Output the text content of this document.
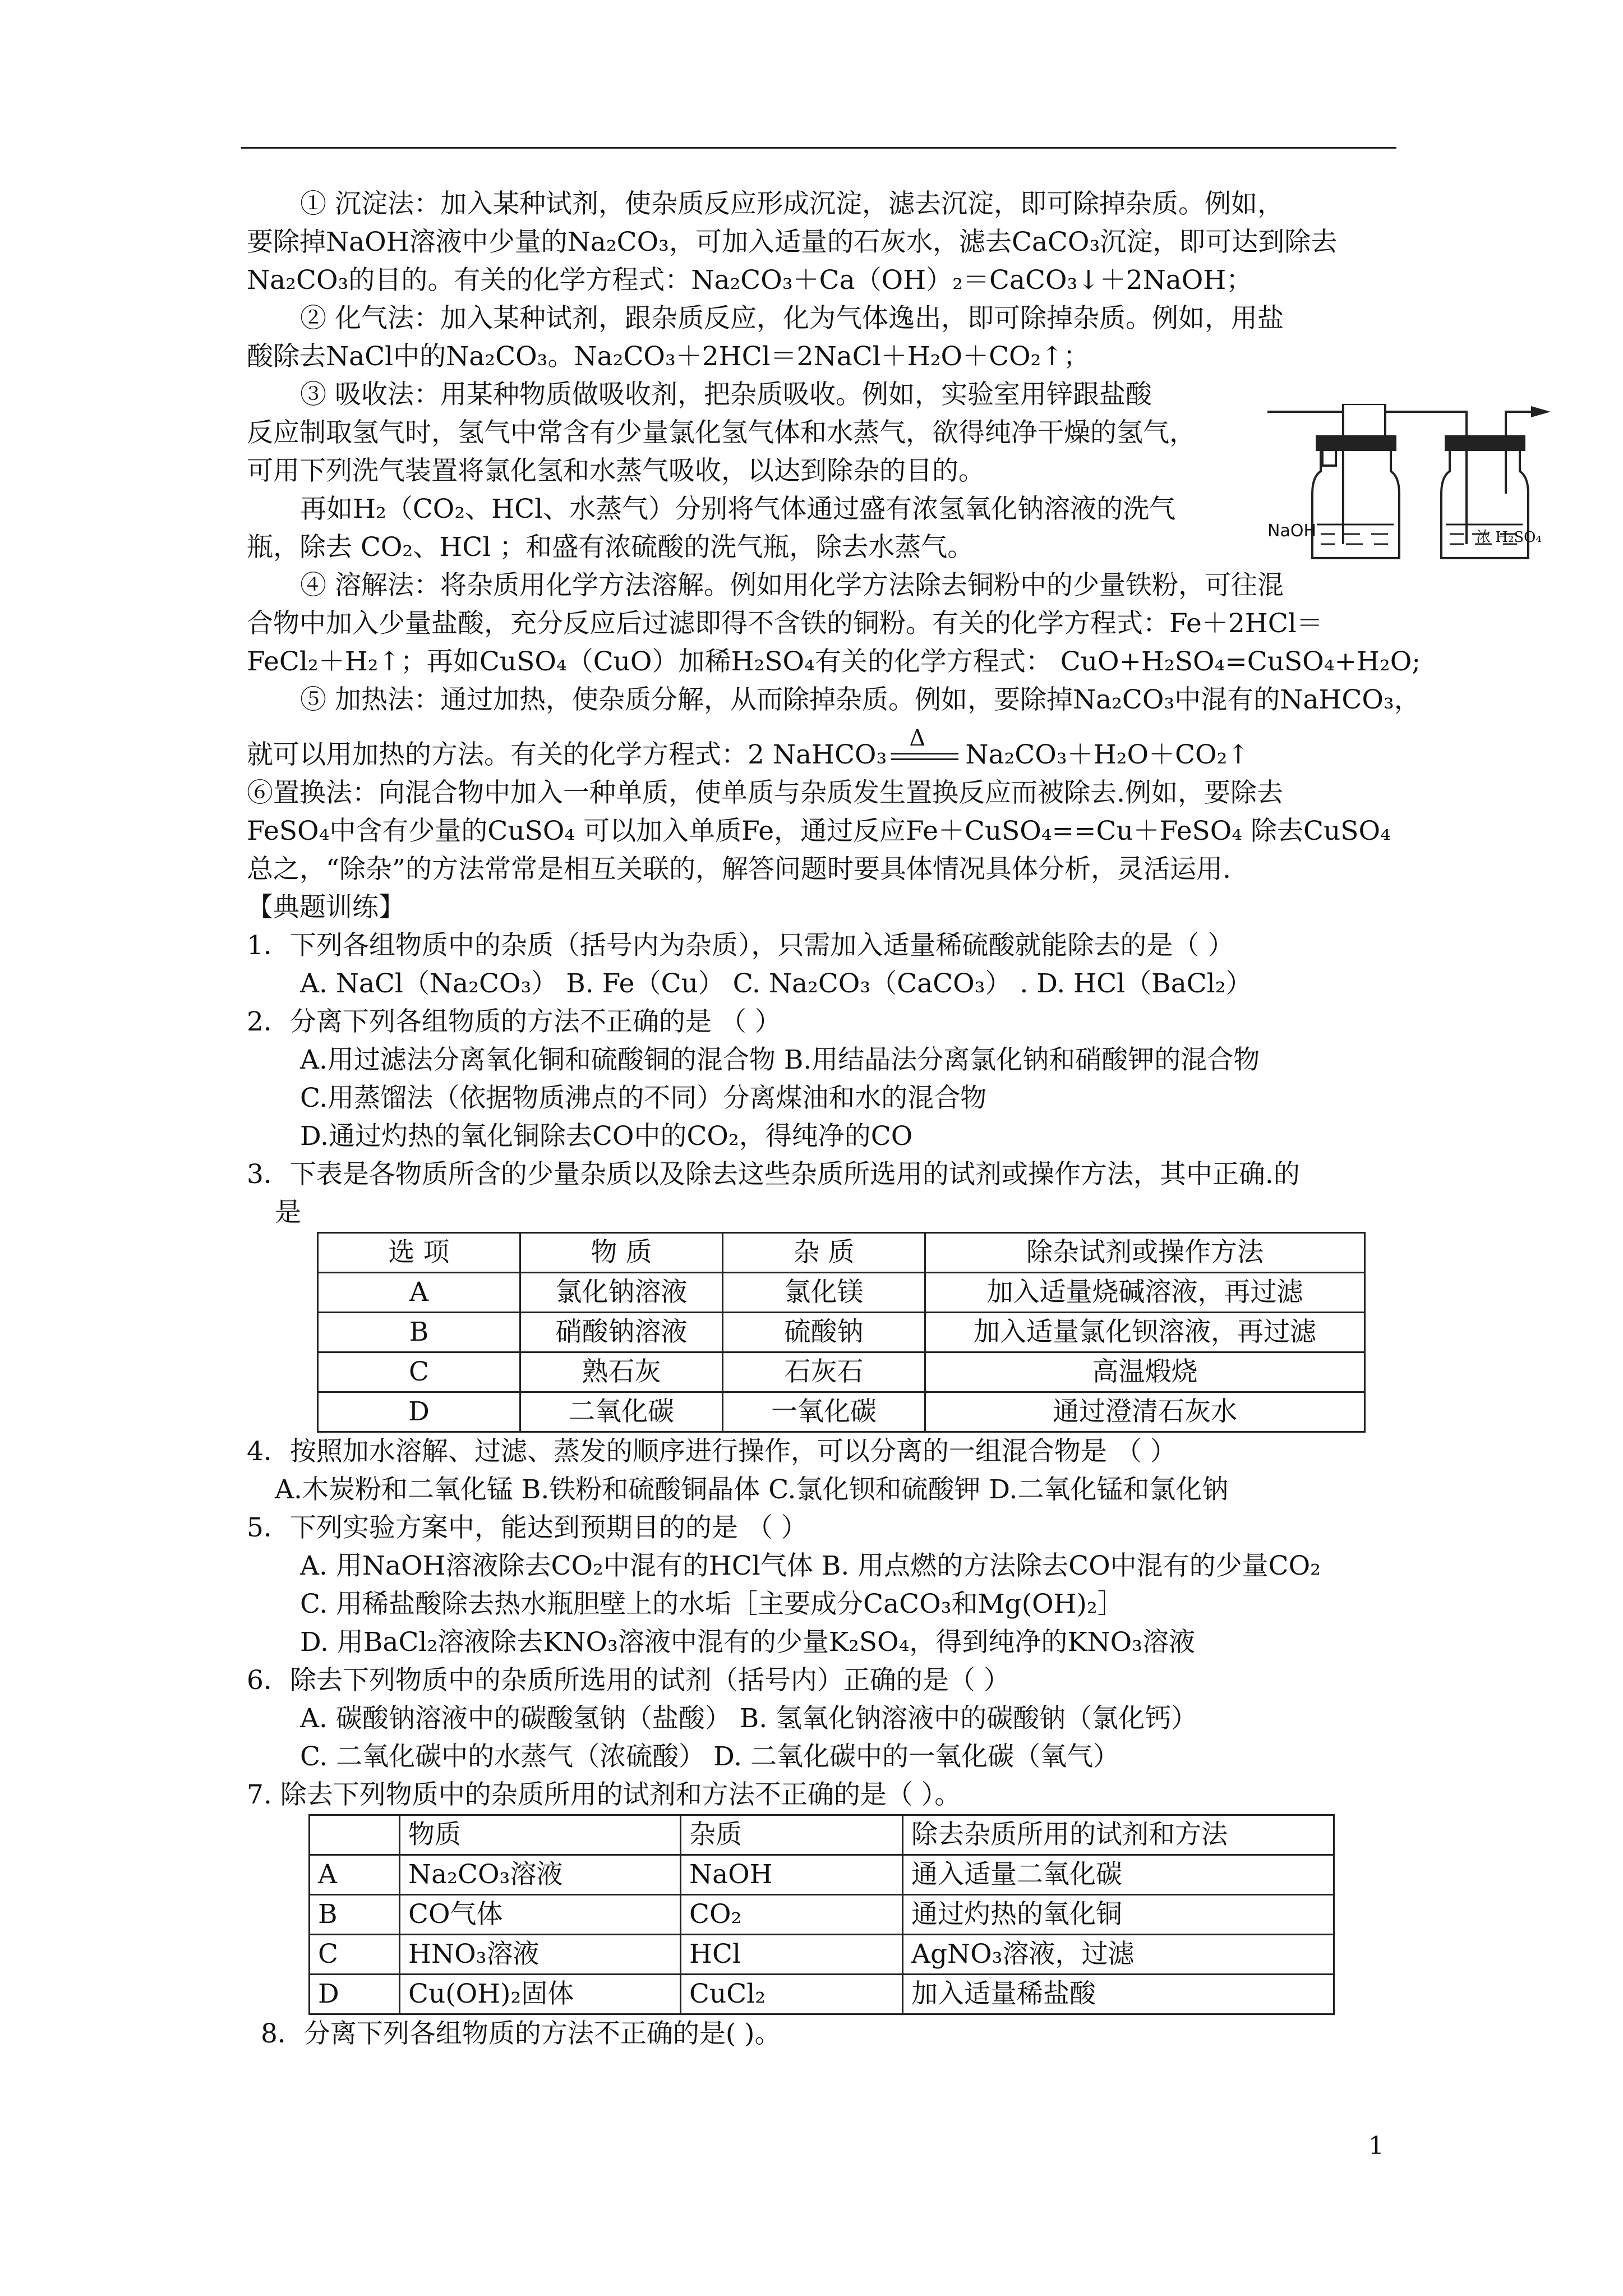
NaOH	浓 H₂SO₄

① 沉淀法：加入某种试剂，使杂质反应形成沉淀，滤去沉淀，即可除掉杂质。例如，

要除掉NaOH溶液中少量的Na₂CO₃，可加入适量的石灰水，滤去CaCO₃沉淀，即可达到除去

Na₂CO₃的目的。有关的化学方程式：Na₂CO₃＋Ca（OH）₂＝CaCO₃↓＋2NaOH；

② 化气法：加入某种试剂，跟杂质反应，化为气体逸出，即可除掉杂质。例如，用盐

酸除去NaCl中的Na₂CO₃。Na₂CO₃＋2HCl＝2NaCl＋H₂O＋CO₂↑；

③ 吸收法：用某种物质做吸收剂，把杂质吸收。例如，实验室用锌跟盐酸

反应制取氢气时，氢气中常含有少量氯化氢气体和水蒸气，欲得纯净干燥的氢气，

可用下列洗气装置将氯化氢和水蒸气吸收，以达到除杂的目的。

再如H₂（CO₂、HCl、水蒸气）分别将气体通过盛有浓氢氧化钠溶液的洗气

瓶，除去 CO₂、HCl ；和盛有浓硫酸的洗气瓶，除去水蒸气。

④ 溶解法：将杂质用化学方法溶解。例如用化学方法除去铜粉中的少量铁粉，可往混

合物中加入少量盐酸，充分反应后过滤即得不含铁的铜粉。有关的化学方程式：Fe＋2HCl＝

FeCl₂＋H₂↑；再如CuSO₄（CuO）加稀H₂SO₄有关的化学方程式： CuO+H₂SO₄=CuSO₄+H₂O;

⑤ 加热法：通过加热，使杂质分解，从而除掉杂质。例如，要除掉Na₂CO₃中混有的NaHCO₃，

就可以用加热的方法。有关的化学方程式：2 NaHCO₃
Δ
Na₂CO₃＋H₂O＋CO₂↑

⑥置换法：向混合物中加入一种单质，使单质与杂质发生置换反应而被除去.例如，要除去

FeSO₄中含有少量的CuSO₄ 可以加入单质Fe，通过反应Fe＋CuSO₄==Cu＋FeSO₄ 除去CuSO₄

总之，“除杂”的方法常常是相互关联的，解答问题时要具体情况具体分析，灵活运用.

【典题训练】

1．下列各组物质中的杂质（括号内为杂质），只需加入适量稀硫酸就能除去的是（ ）

A. NaCl（Na₂CO₃） B. Fe（Cu） C. Na₂CO₃（CaCO₃） . D. HCl（BaCl₂）

2．分离下列各组物质的方法不正确的是 （ ）

A.用过滤法分离氧化铜和硫酸铜的混合物 B.用结晶法分离氯化钠和硝酸钾的混合物

C.用蒸馏法（依据物质沸点的不同）分离煤油和水的混合物

D.通过灼热的氧化铜除去CO中的CO₂，得纯净的CO

3．下表是各物质所含的少量杂质以及除去这些杂质所选用的试剂或操作方法，其中正确.的

是

选 项	物 质	杂 质	除杂试剂或操作方法
A	氯化钠溶液	氯化镁	加入适量烧碱溶液，再过滤
B	硝酸钠溶液	硫酸钠	加入适量氯化钡溶液，再过滤
C	熟石灰	石灰石	高温煅烧
D	二氧化碳	一氧化碳	通过澄清石灰水

4．按照加水溶解、过滤、蒸发的顺序进行操作，可以分离的一组混合物是 （ ）

A.木炭粉和二氧化锰 B.铁粉和硫酸铜晶体 C.氯化钡和硫酸钾 D.二氧化锰和氯化钠

5．下列实验方案中，能达到预期目的的是 （ ）

A. 用NaOH溶液除去CO₂中混有的HCl气体 B. 用点燃的方法除去CO中混有的少量CO₂

C. 用稀盐酸除去热水瓶胆壁上的水垢［主要成分CaCO₃和Mg(OH)₂］

D. 用BaCl₂溶液除去KNO₃溶液中混有的少量K₂SO₄，得到纯净的KNO₃溶液

6．除去下列物质中的杂质所选用的试剂（括号内）正确的是（ ）

A. 碳酸钠溶液中的碳酸氢钠（盐酸） B. 氢氧化钠溶液中的碳酸钠（氯化钙）

C. 二氧化碳中的水蒸气（浓硫酸） D. 二氧化碳中的一氧化碳（氧气）

7. 除去下列物质中的杂质所用的试剂和方法不正确的是（ ）。

	物质	杂质	除去杂质所用的试剂和方法
A	Na₂CO₃溶液	NaOH	通入适量二氧化碳
B	CO气体	CO₂	通过灼热的氧化铜
C	HNO₃溶液	HCl	AgNO₃溶液，过滤
D	Cu(OH)₂固体	CuCl₂	加入适量稀盐酸

8．分离下列各组物质的方法不正确的是( )。

1
